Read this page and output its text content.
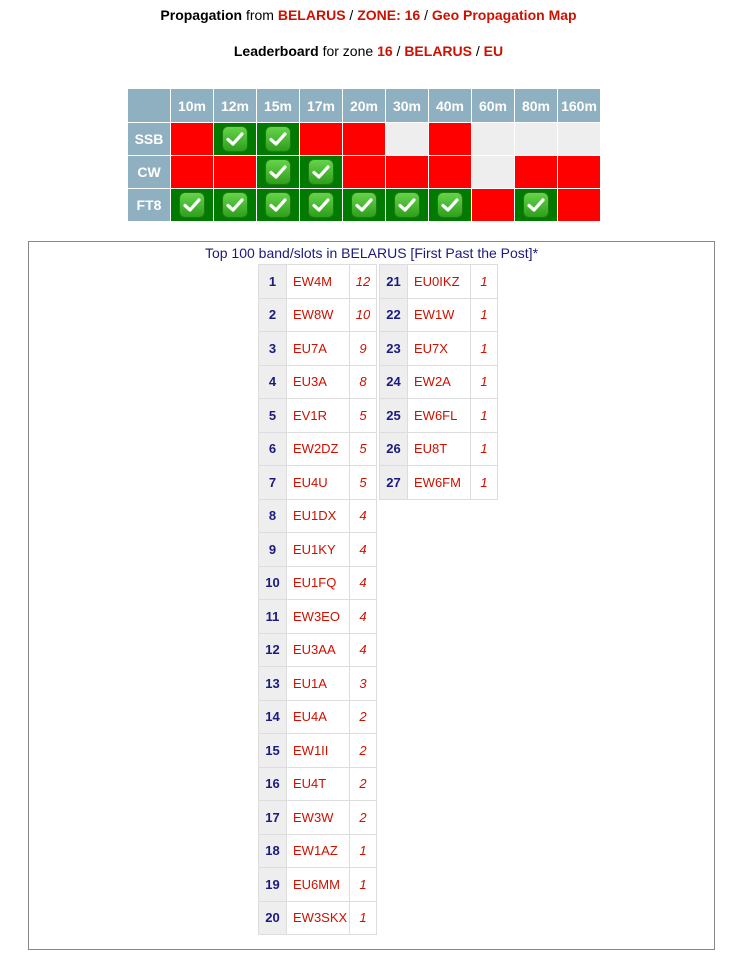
Propagation from BELARUS / ZONE: 16 / Geo Propagation Map
Leaderboard for zone 16 / BELARUS / EU
	10m	12m	15m	17m	20m	30m	40m	60m	80m	160m
SSB		

CW			

FT8	

Top 100 band/slots in BELARUS [First Past the Post]*
1	EW4M	12
2	EW8W	10
3	EU7A	9
4	EU3A	8
5	EV1R	5
6	EW2DZ	5
7	EU4U	5
8	EU1DX	4
9	EU1KY	4
10	EU1FQ	4
11	EW3EO	4
12	EU3AA	4
13	EU1A	3
14	EU4A	2
15	EW1II	2
16	EU4T	2
17	EW3W	2
18	EW1AZ	1
19	EU6MM	1
20	EW3SKX	1
21	EU0IKZ	1
22	EW1W	1
23	EU7X	1
24	EW2A	1
25	EW6FL	1
26	EU8T	1
27	EW6FM	1
